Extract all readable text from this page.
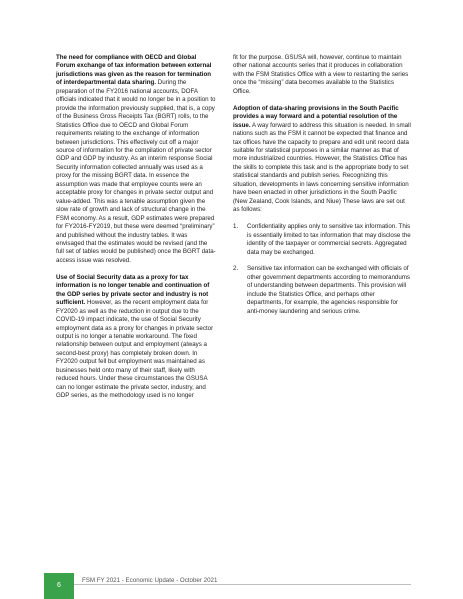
The need for compliance with OECD and Global Forum exchange of tax information between external jurisdictions was given as the reason for termination of interdepartmental data sharing. During the preparation of the FY2016 national accounts, DOFA officials indicated that it would no longer be in a position to provide the information previously supplied, that is, a copy of the Business Gross Receipts Tax (BGRT) rolls, to the Statistics Office due to OECD and Global Forum requirements relating to the exchange of information between jurisdictions. This effectively cut off a major source of information for the compilation of private sector GDP and GDP by industry. As an interim response Social Security information collected annually was used as a proxy for the missing BGRT data. In essence the assumption was made that employee counts were an acceptable proxy for changes in private sector output and value-added. This was a tenable assumption given the slow rate of growth and lack of structural change in the FSM economy. As a result, GDP estimates were prepared for FY2016-FY2019, but these were deemed “preliminary” and published without the industry tables. It was envisaged that the estimates would be revised (and the full set of tables would be published) once the BGRT data-access issue was resolved.

Use of Social Security data as a proxy for tax information is no longer tenable and continuation of the GDP series by private sector and industry is not sufficient. However, as the recent employment data for FY2020 as well as the reduction in output due to the COVID-19 impact indicate, the use of Social Security employment data as a proxy for changes in private sector output is no longer a tenable workaround. The fixed relationship between output and employment (always a second-best proxy) has completely broken down. In FY2020 output fell but employment was maintained as businesses held onto many of their staff, likely with reduced hours. Under these circumstances the GSUSA can no longer estimate the private sector, industry, and GDP series, as the methodology used is no longer

fit for the purpose. GSUSA will, however, continue to maintain other national accounts series that it produces in collaboration with the FSM Statistics Office with a view to restarting the series once the “missing” data becomes available to the Statistics Office.

Adoption of data-sharing provisions in the South Pacific provides a way forward and a potential resolution of the issue. A way forward to address this situation is needed. In small nations such as the FSM it cannot be expected that finance and tax offices have the capacity to prepare and edit unit record data suitable for statistical purposes in a similar manner as that of more industrialized countries. However, the Statistics Office has the skills to complete this task and is the appropriate body to set statistical standards and publish series. Recognizing this situation, developments in laws concerning sensitive information have been enacted in other jurisdictions in the South Pacific (New Zealand, Cook Islands, and Niue) These laws are set out as follows:

1. Confidentiality applies only to sensitive tax information. This is essentially limited to tax information that may disclose the identity of the taxpayer or commercial secrets. Aggregated data may be exchanged.
2. Sensitive tax information can be exchanged with officials of other government departments according to memorandums of understanding between departments. This provision will include the Statistics Office, and perhaps other departments, for example, the agencies responsible for anti-money laundering and serious crime.
6
FSM FY 2021 - Economic Update - October 2021
